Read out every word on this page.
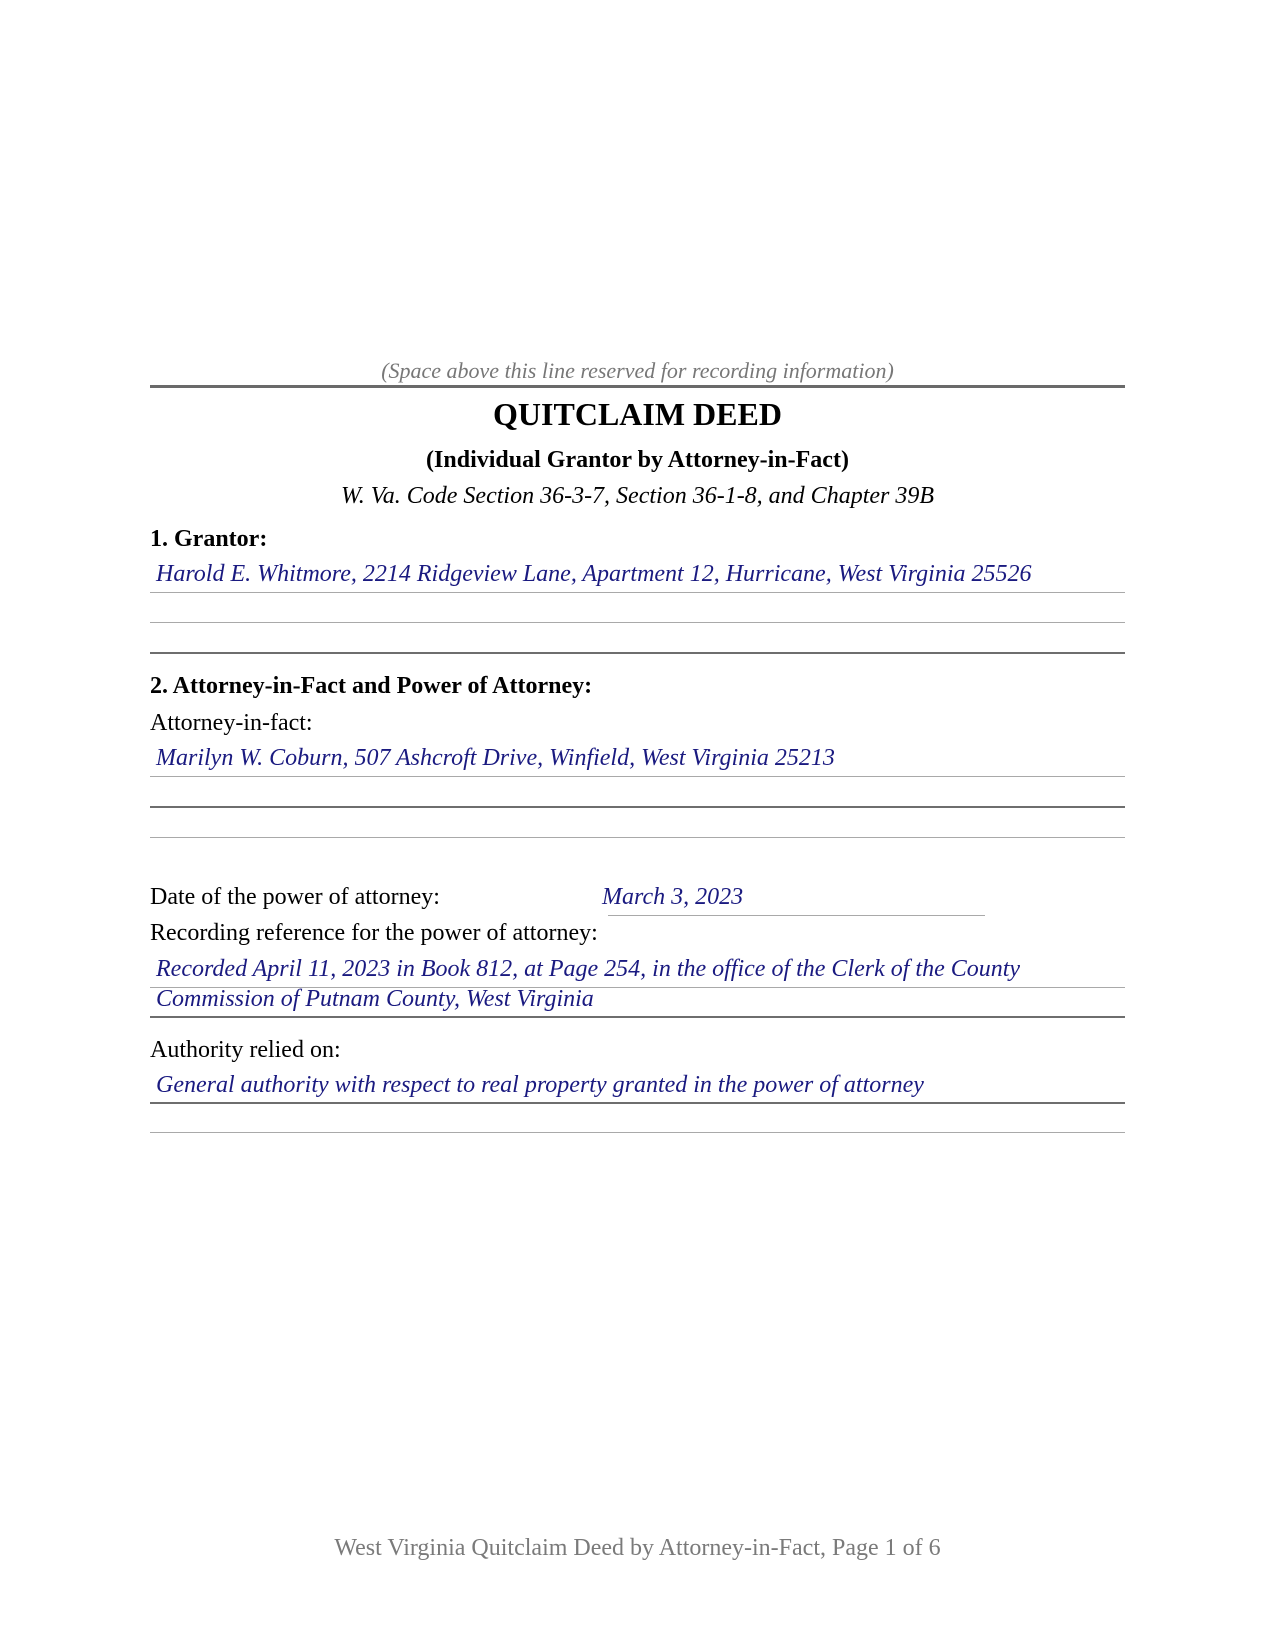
(Space above this line reserved for recording information)
QUITCLAIM DEED
(Individual Grantor by Attorney-in-Fact)
W. Va. Code Section 36-3-7, Section 36-1-8, and Chapter 39B
1. Grantor:
Harold E. Whitmore, 2214 Ridgeview Lane, Apartment 12, Hurricane, West Virginia 25526
2. Attorney-in-Fact and Power of Attorney:
Attorney-in-fact:
Marilyn W. Coburn, 507 Ashcroft Drive, Winfield, West Virginia 25213
Date of the power of attorney:	March 3, 2023
Recording reference for the power of attorney:
Recorded April 11, 2023 in Book 812, at Page 254, in the office of the Clerk of the County
Commission of Putnam County, West Virginia
Authority relied on:
General authority with respect to real property granted in the power of attorney
West Virginia Quitclaim Deed by Attorney-in-Fact, Page 1 of 6
